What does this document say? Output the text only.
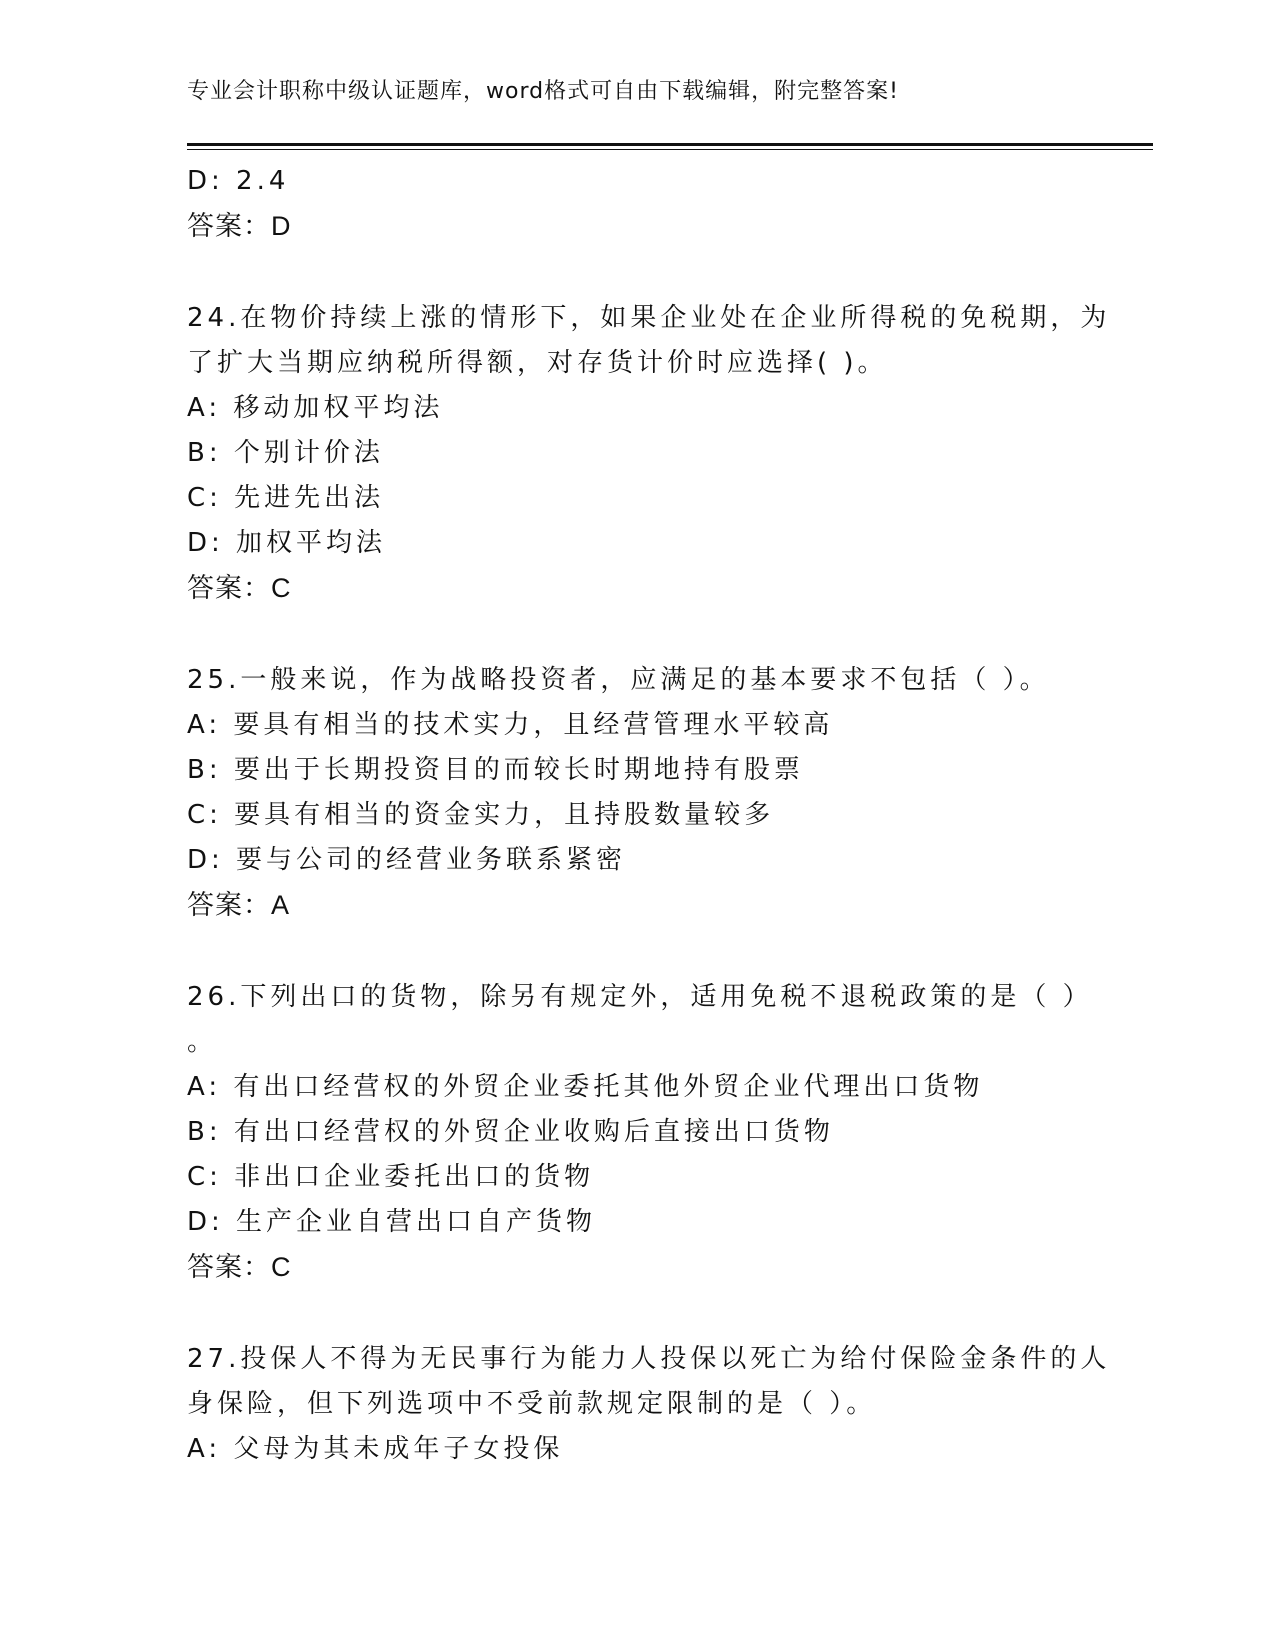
专业会计职称中级认证题库，word格式可自由下载编辑，附完整答案!
D: 2.4
答案：D
24.在物价持续上涨的情形下，如果企业处在企业所得税的免税期，为
了扩大当期应纳税所得额，对存货计价时应选择( )。
A: 移动加权平均法
B: 个别计价法
C: 先进先出法
D: 加权平均法
答案：C
25.一般来说，作为战略投资者，应满足的基本要求不包括（ ）。
A: 要具有相当的技术实力，且经营管理水平较高
B: 要出于长期投资目的而较长时期地持有股票
C: 要具有相当的资金实力，且持股数量较多
D: 要与公司的经营业务联系紧密
答案：A
26.下列出口的货物，除另有规定外，适用免税不退税政策的是（ ）
。
A: 有出口经营权的外贸企业委托其他外贸企业代理出口货物
B: 有出口经营权的外贸企业收购后直接出口货物
C: 非出口企业委托出口的货物
D: 生产企业自营出口自产货物
答案：C
27.投保人不得为无民事行为能力人投保以死亡为给付保险金条件的人
身保险，但下列选项中不受前款规定限制的是（ ）。
A: 父母为其未成年子女投保
